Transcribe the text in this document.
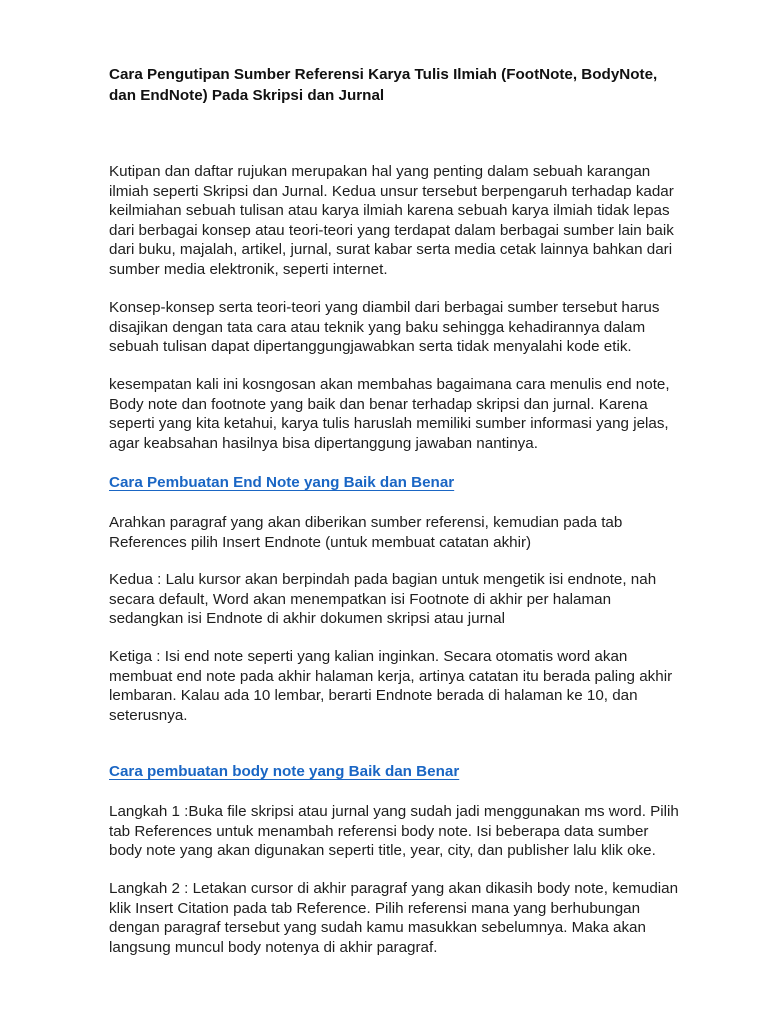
Cara Pengutipan Sumber Referensi Karya Tulis Ilmiah (FootNote, BodyNote,
dan EndNote) Pada Skripsi dan Jurnal

Kutipan dan daftar rujukan merupakan hal yang penting dalam sebuah karangan
ilmiah seperti Skripsi dan Jurnal. Kedua unsur tersebut berpengaruh terhadap kadar
keilmiahan sebuah tulisan atau karya ilmiah karena sebuah karya ilmiah tidak lepas
dari berbagai konsep atau teori-teori yang terdapat dalam berbagai sumber lain baik
dari buku, majalah, artikel, jurnal, surat kabar serta media cetak lainnya bahkan dari
sumber media elektronik, seperti internet.

Konsep-konsep serta teori-teori yang diambil dari berbagai sumber tersebut harus
disajikan dengan tata cara atau teknik yang baku sehingga kehadirannya dalam
sebuah tulisan dapat dipertanggungjawabkan serta tidak menyalahi kode etik.

kesempatan kali ini kosngosan akan membahas bagaimana cara menulis end note,
Body note dan footnote yang baik dan benar terhadap skripsi dan jurnal. Karena
seperti yang kita ketahui, karya tulis haruslah memiliki sumber informasi yang jelas,
agar keabsahan hasilnya bisa dipertanggung jawaban nantinya.

Cara Pembuatan End Note yang Baik dan Benar

Arahkan paragraf yang akan diberikan sumber referensi, kemudian pada tab
References pilih Insert Endnote (untuk membuat catatan akhir)

Kedua : Lalu kursor akan berpindah pada bagian untuk mengetik isi endnote, nah
secara default, Word akan menempatkan isi Footnote di akhir per halaman
sedangkan isi Endnote di akhir dokumen skripsi atau jurnal

Ketiga : Isi end note seperti yang kalian inginkan. Secara otomatis word akan
membuat end note pada akhir halaman kerja, artinya catatan itu berada paling akhir
lembaran. Kalau ada 10 lembar, berarti Endnote berada di halaman ke 10, dan
seterusnya.

Cara pembuatan body note yang Baik dan Benar

Langkah 1 :Buka file skripsi atau jurnal yang sudah jadi menggunakan ms word. Pilih
tab References untuk menambah referensi body note. Isi beberapa data sumber
body note yang akan digunakan seperti title, year, city, dan publisher lalu klik oke.

Langkah 2 : Letakan cursor di akhir paragraf yang akan dikasih body note, kemudian
klik Insert Citation pada tab Reference. Pilih referensi mana yang berhubungan
dengan paragraf tersebut yang sudah kamu masukkan sebelumnya. Maka akan
langsung muncul body notenya di akhir paragraf.
